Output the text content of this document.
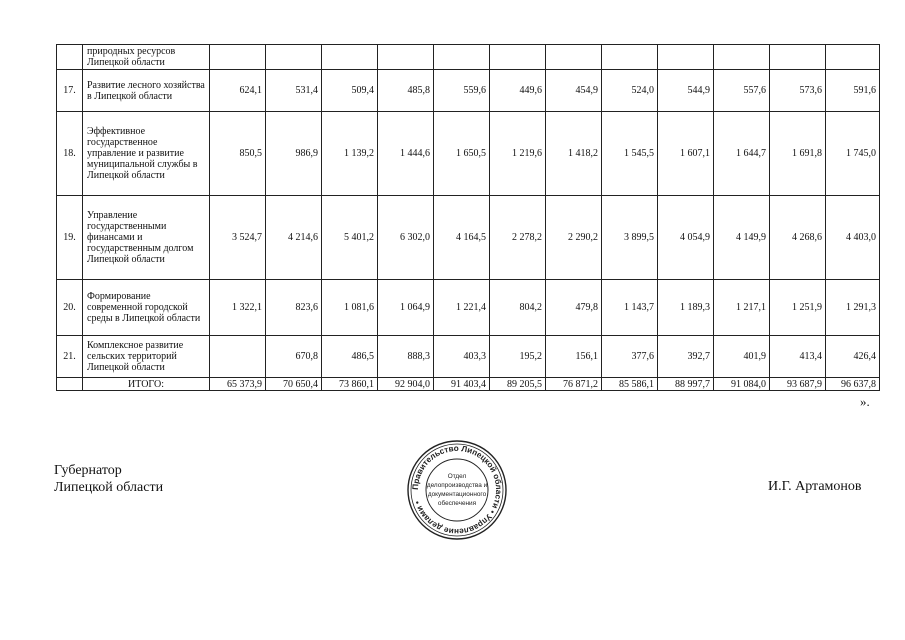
	природных ресурсов Липецкой области												
17.	Развитие лесного хозяйства в Липецкой области	624,1	531,4	509,4	485,8	559,6	449,6	454,9	524,0	544,9	557,6	573,6	591,6
18.	Эффективное государственное управление и развитие муниципальной службы в Липецкой области	850,5	986,9	1 139,2	1 444,6	1 650,5	1 219,6	1 418,2	1 545,5	1 607,1	1 644,7	1 691,8	1 745,0
19.	Управление государственными финансами и государственным долгом Липецкой области	3 524,7	4 214,6	5 401,2	6 302,0	4 164,5	2 278,2	2 290,2	3 899,5	4 054,9	4 149,9	4 268,6	4 403,0
20.	Формирование современной городской среды в Липецкой области	1 322,1	823,6	1 081,6	1 064,9	1 221,4	804,2	479,8	1 143,7	1 189,3	1 217,1	1 251,9	1 291,3
21.	Комплексное развитие сельских территорий Липецкой области		670,8	486,5	888,3	403,3	195,2	156,1	377,6	392,7	401,9	413,4	426,4
	ИТОГО:	65 373,9	70 650,4	73 860,1	92 904,0	91 403,4	89 205,5	76 871,2	85 586,1	88 997,7	91 084,0	93 687,9	96 637,8
».
Губернатор
Липецкой области	Правительство Липецкой области • Управление делами •
Отдел
делопроизводства и
документационного
обеспечения
И.Г. Артамонов
